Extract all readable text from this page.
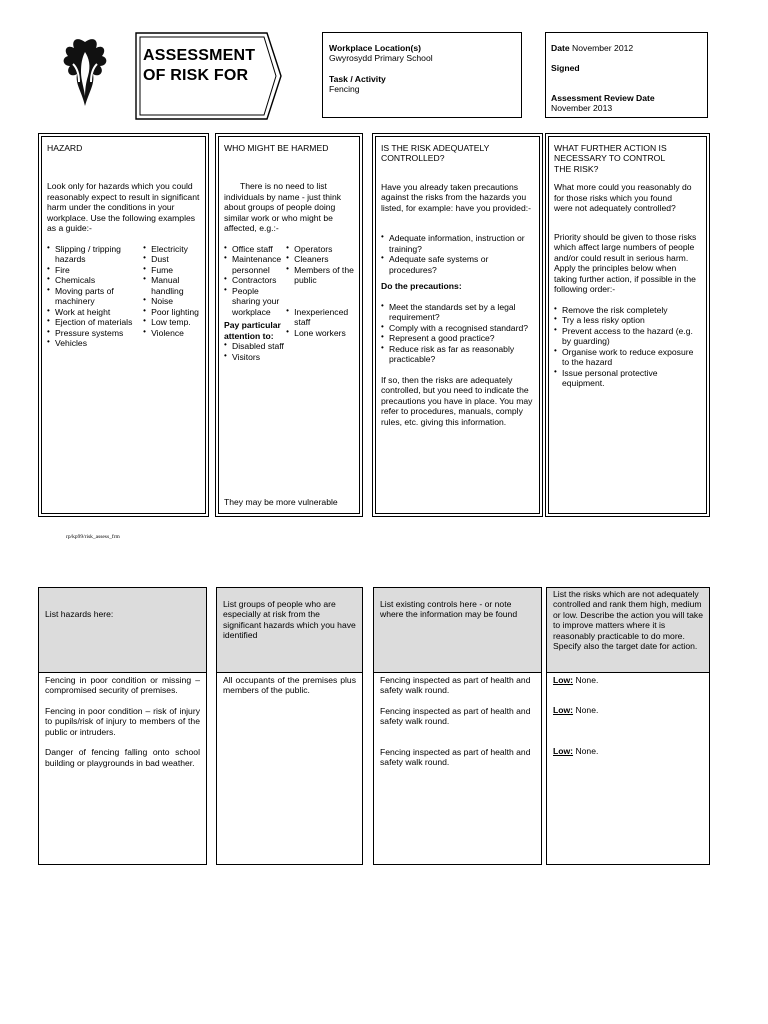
ASSESSMENT
OF RISK FOR
Workplace Location(s)
Gwyrosydd Primary School
Task / Activity
Fencing
Date November 2012
Signed
Assessment Review Date
November 2013
HAZARD

Look only for hazards which you could reasonably expect to result in significant harm under the conditions in your workplace. Use the following examples as a guide:-

• Slipping / tripping hazards
• Fire
• Chemicals
• Moving parts of machinery
• Work at height
• Ejection of materials
• Pressure systems
• Vehicles
• Electricity
• Dust
• Fume
• Manual handling
• Noise
• Poor lighting
• Low temp.
• Violence
WHO MIGHT BE HARMED

There is no need to list individuals by name - just think about groups of people doing similar work or who might be affected, e.g.:-

• Office staff
• Maintenance personnel
• Contractors
• People sharing your workplace
Pay particular attention to:
• Disabled staff
• Visitors
• Operators
• Cleaners
• Members of the public
• Inexperienced staff
• Lone workers
They may be more vulnerable
IS THE RISK ADEQUATELY CONTROLLED?

Have you already taken precautions against the risks from the hazards you listed, for example: have you provided:-

• Adequate information, instruction or training?
• Adequate safe systems or procedures?
Do the precautions:
• Meet the standards set by a legal requirement?
• Comply with a recognised standard?
• Represent a good practice?
• Reduce risk as far as reasonably practicable?

If so, then the risks are adequately controlled, but you need to indicate the precautions you have in place. You may refer to procedures, manuals, comply rules, etc. giving this information.

WHAT FURTHER ACTION IS NECESSARY TO CONTROL THE RISK?

What more could you reasonably do for those risks which you found were not adequately controlled?

Priority should be given to those risks which affect large numbers of people and/or could result in serious harm. Apply the principles below when taking further action, if possible in the following order:-

• Remove the risk completely
• Try a less risky option
• Prevent access to the hazard (e.g. by guarding)
• Organise work to reduce exposure to the hazard
• Issue personal protective equipment.
rp/kp99/risk_assess_frm
List hazards here:

Fencing in poor condition or missing – compromised security of premises.

Fencing in poor condition – risk of injury to pupils/risk of injury to members of the public or intruders.

Danger of fencing falling onto school building or playgrounds in bad weather.

List groups of people who are especially at risk from the significant hazards which you have identified

All occupants of the premises plus members of the public.

List existing controls here - or note where the information may be found

Fencing inspected as part of health and safety walk round.

Fencing inspected as part of health and safety walk round.

Fencing inspected as part of health and safety walk round.

List the risks which are not adequately controlled and rank them high, medium or low. Describe the action you will take to improve matters where it is reasonably practicable to do more. Specify also the target date for action.

Low: None.

Low: None.

Low: None.
